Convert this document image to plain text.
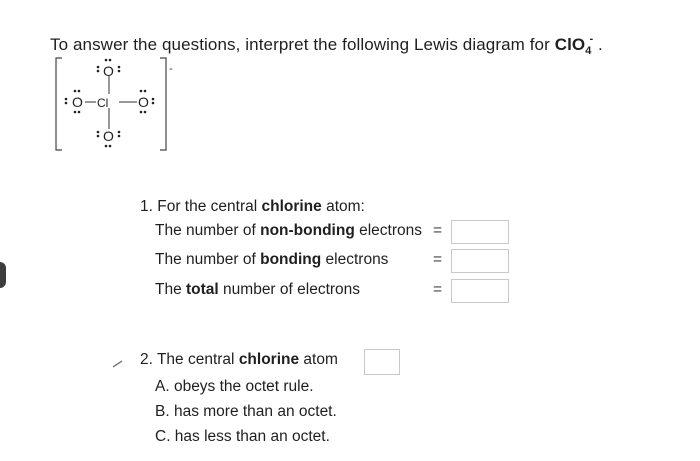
To answer the questions, interpret the following Lewis diagram for ClO$_4$- .
-
O
Cl
O	O
O
1. For the central chlorine atom:
The number of non-bonding electrons =
The number of bonding electrons	=
The total number of electrons	=
2. The central chlorine atom
A. obeys the octet rule.
B. has more than an octet.
C. has less than an octet.
